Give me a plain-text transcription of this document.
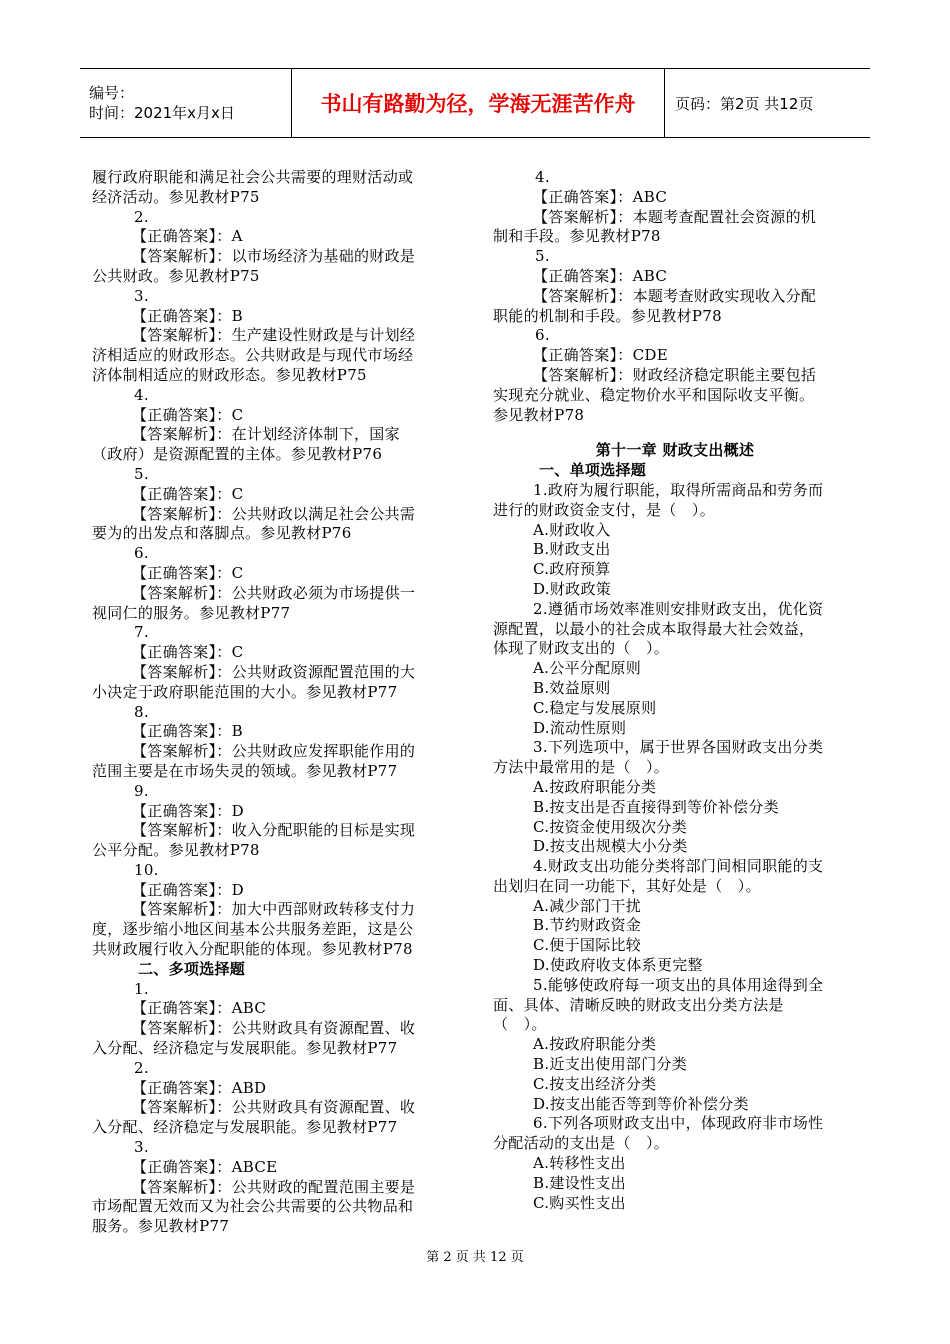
编号：
时间：2021年x月x日	书山有路勤为径，学海无涯苦作舟	页码：第2页 共12页
履行政府职能和满足社会公共需要的理财活动或
经济活动。参见教材P75
2.
【正确答案】：A
【答案解析】：以市场经济为基础的财政是
公共财政。参见教材P75
3.
【正确答案】：B
【答案解析】：生产建设性财政是与计划经
济相适应的财政形态。公共财政是与现代市场经
济体制相适应的财政形态。参见教材P75
4.
【正确答案】：C
【答案解析】：在计划经济体制下，国家
（政府）是资源配置的主体。参见教材P76
5.
【正确答案】：C
【答案解析】：公共财政以满足社会公共需
要为的出发点和落脚点。参见教材P76
6.
【正确答案】：C
【答案解析】：公共财政必须为市场提供一
视同仁的服务。参见教材P77
7.
【正确答案】：C
【答案解析】：公共财政资源配置范围的大
小决定于政府职能范围的大小。参见教材P77
8.
【正确答案】：B
【答案解析】：公共财政应发挥职能作用的
范围主要是在市场失灵的领域。参见教材P77
9.
【正确答案】：D
【答案解析】：收入分配职能的目标是实现
公平分配。参见教材P78
10.
【正确答案】：D
【答案解析】：加大中西部财政转移支付力
度，逐步缩小地区间基本公共服务差距，这是公
共财政履行收入分配职能的体现。参见教材P78
二、多项选择题
1.
【正确答案】：ABC
【答案解析】：公共财政具有资源配置、收
入分配、经济稳定与发展职能。参见教材P77
2.
【正确答案】：ABD
【答案解析】：公共财政具有资源配置、收
入分配、经济稳定与发展职能。参见教材P77
3.
【正确答案】：ABCE
【答案解析】：公共财政的配置范围主要是
市场配置无效而又为社会公共需要的公共物品和
服务。参见教材P77
4.
【正确答案】：ABC
【答案解析】：本题考查配置社会资源的机
制和手段。参见教材P78
5.
【正确答案】：ABC
【答案解析】：本题考查财政实现收入分配
职能的机制和手段。参见教材P78
6.
【正确答案】：CDE
【答案解析】：财政经济稳定职能主要包括
实现充分就业、稳定物价水平和国际收支平衡。
参见教材P78
第十一章 财政支出概述
一、单项选择题
1.政府为履行职能，取得所需商品和劳务而
进行的财政资金支付，是（　）。
A.财政收入
B.财政支出
C.政府预算
D.财政政策
2.遵循市场效率准则安排财政支出，优化资
源配置，以最小的社会成本取得最大社会效益，
体现了财政支出的（　）。
A.公平分配原则
B.效益原则
C.稳定与发展原则
D.流动性原则
3.下列选项中，属于世界各国财政支出分类
方法中最常用的是（　）。
A.按政府职能分类
B.按支出是否直接得到等价补偿分类
C.按资金使用级次分类
D.按支出规模大小分类
4.财政支出功能分类将部门间相同职能的支
出划归在同一功能下，其好处是（　）。
A.减少部门干扰
B.节约财政资金
C.便于国际比较
D.使政府收支体系更完整
5.能够使政府每一项支出的具体用途得到全
面、具体、清晰反映的财政支出分类方法是
（　）。
A.按政府职能分类
B.近支出使用部门分类
C.按支出经济分类
D.按支出能否等到等价补偿分类
6.下列各项财政支出中，体现政府非市场性
分配活动的支出是（　）。
A.转移性支出
B.建设性支出
C.购买性支出
第 2 页 共 12 页
